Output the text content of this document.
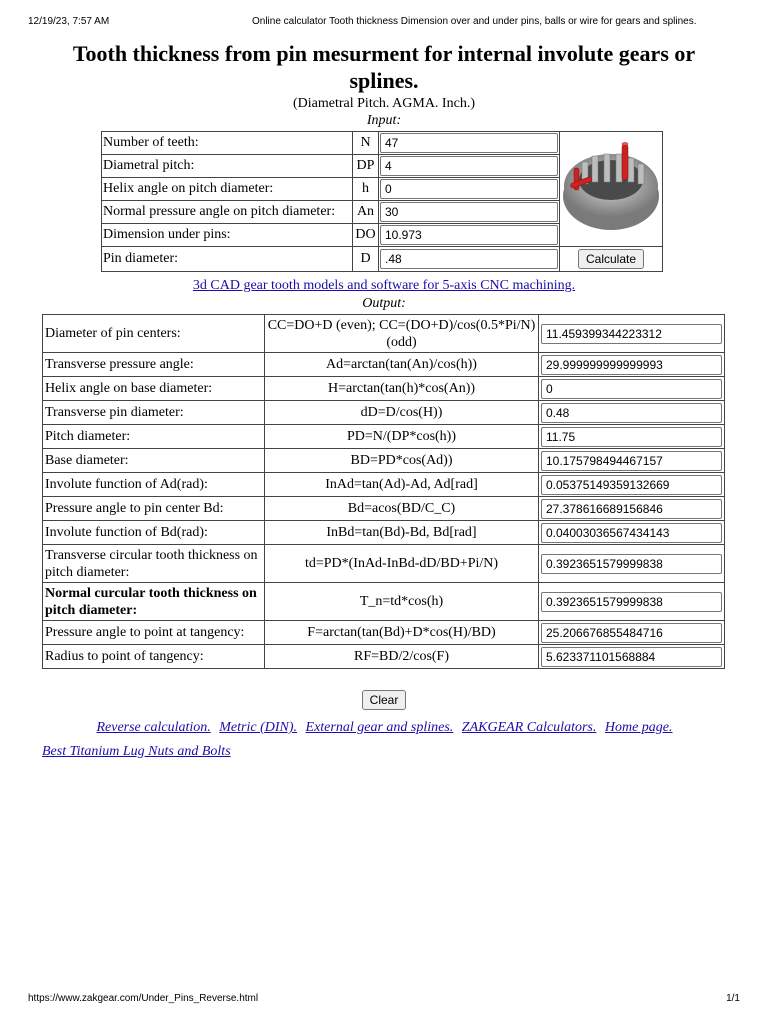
12/19/23, 7:57 AM	Online calculator Tooth thickness Dimension over and under pins, balls or wire for gears and splines.
Tooth thickness from pin mesurment for internal involute gears or splines.
(Diametral Pitch. AGMA. Inch.)
Input:
Number of teeth:	N	47	
Diametral pitch:	DP	4
Helix angle on pitch diameter:	h	0
Normal pressure angle on pitch diameter:	An	30
Dimension under pins:	DO	10.973
Pin diameter:	D	.48	Calculate
3d CAD gear tooth models and software for 5-axis CNC machining.
Output:
Diameter of pin centers:	CC=DO+D (even); CC=(DO+D)/cos(0.5*Pi/N) (odd)	11.459399344223312
Transverse pressure angle:	Ad=arctan(tan(An)/cos(h))	29.999999999999993
Helix angle on base diameter:	H=arctan(tan(h)*cos(An))	0
Transverse pin diameter:	dD=D/cos(H))	0.48
Pitch diameter:	PD=N/(DP*cos(h))	11.75
Base diameter:	BD=PD*cos(Ad))	10.175798494467157
Involute function of Ad(rad):	InAd=tan(Ad)-Ad, Ad[rad]	0.05375149359132669
Pressure angle to pin center Bd:	Bd=acos(BD/C_C)	27.378616689156846
Involute function of Bd(rad):	InBd=tan(Bd)-Bd, Bd[rad]	0.04003036567434143
Transverse circular tooth thickness on pitch diameter:	td=PD*(InAd-InBd-dD/BD+Pi/N)	0.3923651579999838
Normal curcular tooth thickness on pitch diameter:	T_n=td*cos(h)	0.3923651579999838
Pressure angle to point at tangency:	F=arctan(tan(Bd)+D*cos(H)/BD)	25.206676855484716
Radius to point of tangency:	RF=BD/2/cos(F)	5.623371101568884
Clear
Reverse calculation. Metric (DIN). External gear and splines. ZAKGEAR Calculators. Home page.
Best Titanium Lug Nuts and Bolts
https://www.zakgear.com/Under_Pins_Reverse.html	1/1
